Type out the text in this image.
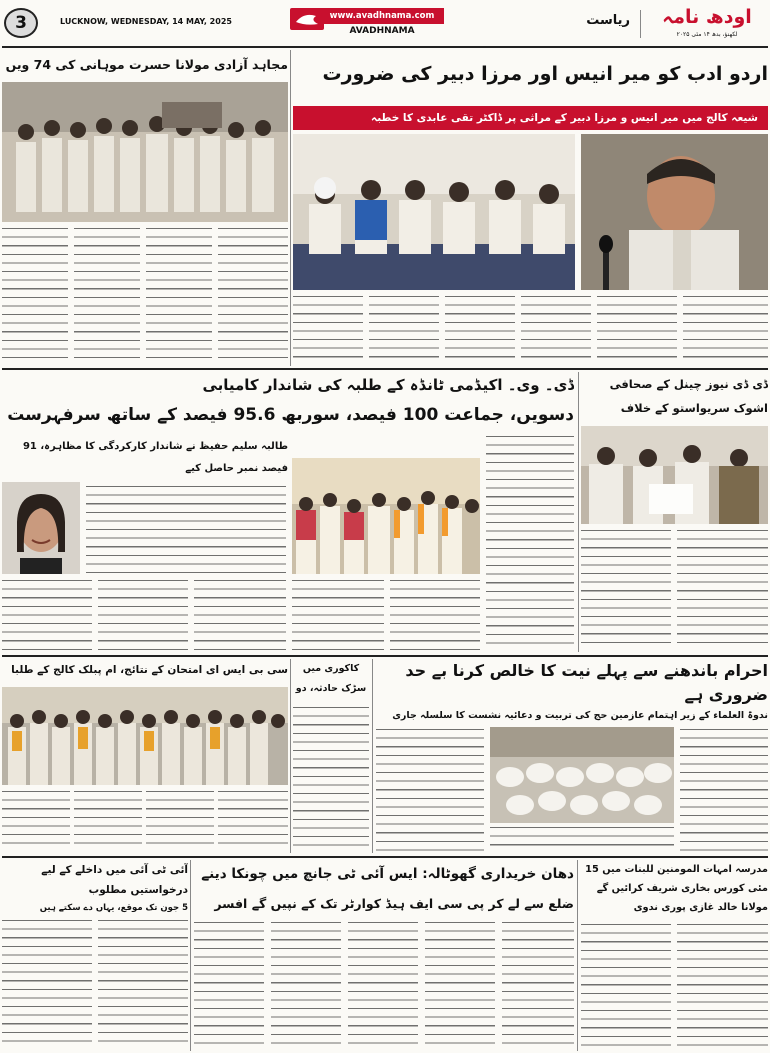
3	LUCKNOW, WEDNESDAY, 14 MAY, 2025
www.avadhnama.com
AVADHNAMA
ریاست	اودھ نامہ
لکھنؤ، بدھ ۱۴ مئی ۲۰۲۵
مجاہد آزادی مولانا حسرت موہانی کی 74 ویں	اردو ادب کو میر انیس اور مرزا دبیر کی ضرورت
شیعہ کالج میں میر انیس و مرزا دبیر کے مراثی پر ڈاکٹر تقی عابدی کا خطبہ
ڈی ڈی نیوز چینل کے صحافی اشوک سریواستو کے خلاف
ڈی۔ وی۔ اکیڈمی ٹانڈہ کے طلبہ کی شاندار کامیابی
دسویں، جماعت 100 فیصد، سوربھ 95.6 فیصد کے ساتھ سرفہرست
طالبہ سلیم حفیظ نے شاندار کارکردگی کا مظاہرہ، 91 فیصد نمبر حاصل کیے
سی بی ایس ای امتحان کے نتائج، ام پبلک کالج کے طلبا	کاکوری میں سڑک حادثہ، دو
احرام باندھنے سے پہلے نیت کا خالص کرنا بے حد ضروری ہے
ندوۃ العلماء کے زیر اہتمام عازمین حج کی تربیت و دعائیہ نشست کا سلسلہ جاری
آئی ٹی آئی میں داخلے کے لیے درخواستیں مطلوب
5 جون تک موقع، یہاں دے سکتے ہیں
دھان خریداری گھوٹالہ: ایس آئی ٹی جانچ میں چونکا دینے
ضلع سے لے کر پی سی ایف ہیڈ کوارٹر تک کے نپیں گے افسر
مدرسہ امہات المومنین للبنات میں 15 مئی کورس بخاری شریف کرائیں گے مولانا خالد غازی پوری ندوی
